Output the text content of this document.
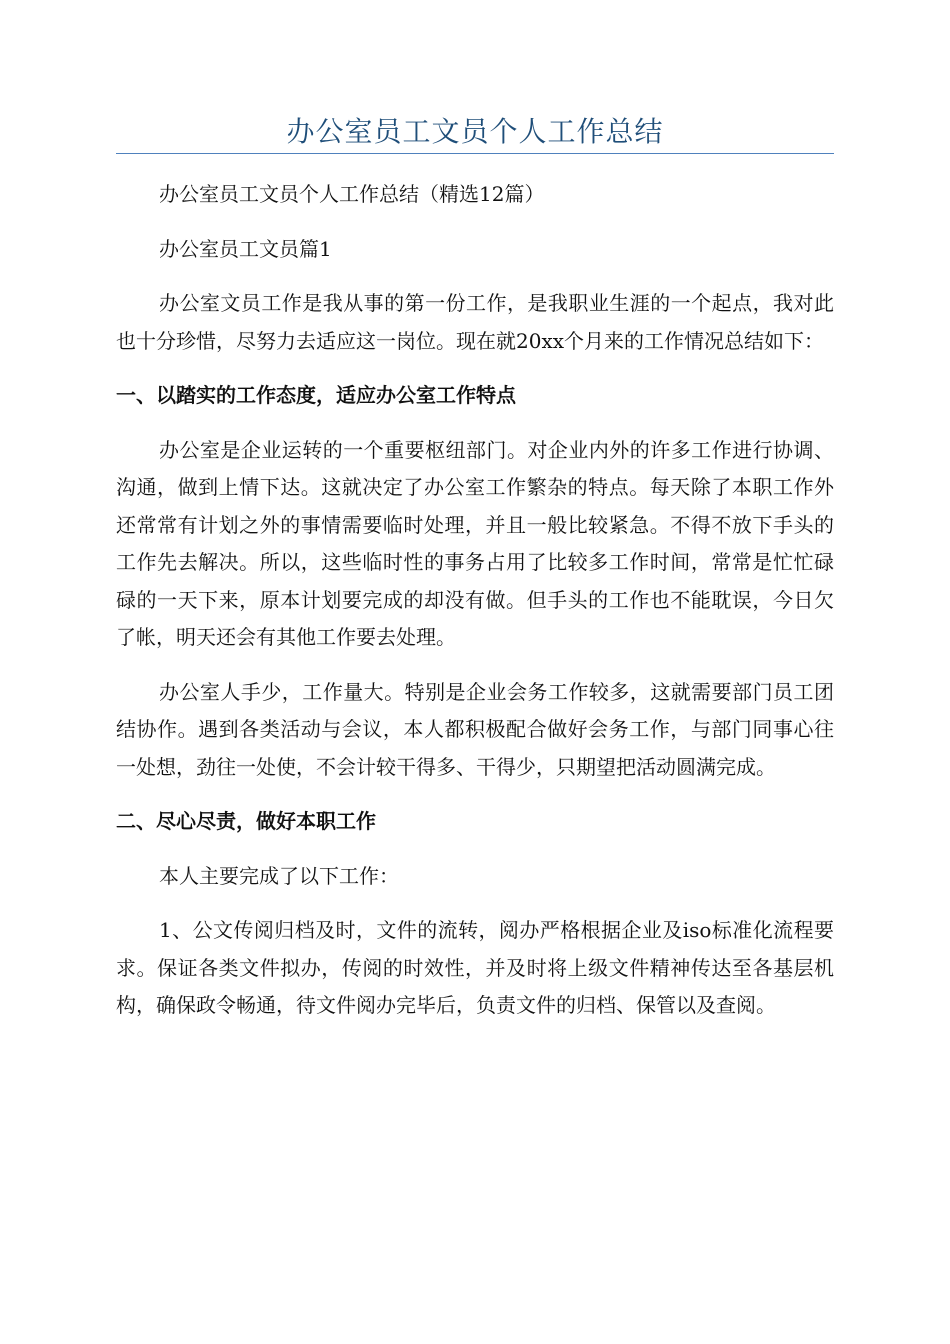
办公室员工文员个人工作总结

办公室员工文员个人工作总结（精选12篇）

办公室员工文员篇1

办公室文员工作是我从事的第一份工作，是我职业生涯的一个起点，我对此也十分珍惜，尽努力去适应这一岗位。现在就20xx个月来的工作情况总结如下：

一、以踏实的工作态度，适应办公室工作特点

办公室是企业运转的一个重要枢纽部门。对企业内外的许多工作进行协调、沟通，做到上情下达。这就决定了办公室工作繁杂的特点。每天除了本职工作外还常常有计划之外的事情需要临时处理，并且一般比较紧急。不得不放下手头的工作先去解决。所以，这些临时性的事务占用了比较多工作时间，常常是忙忙碌碌的一天下来，原本计划要完成的却没有做。但手头的工作也不能耽误，今日欠了帐，明天还会有其他工作要去处理。

办公室人手少，工作量大。特别是企业会务工作较多，这就需要部门员工团结协作。遇到各类活动与会议，本人都积极配合做好会务工作，与部门同事心往一处想，劲往一处使，不会计较干得多、干得少，只期望把活动圆满完成。

二、尽心尽责，做好本职工作

本人主要完成了以下工作：

1、公文传阅归档及时，文件的流转，阅办严格根据企业及iso标准化流程要求。保证各类文件拟办，传阅的时效性，并及时将上级文件精神传达至各基层机构，确保政令畅通，待文件阅办完毕后，负责文件的归档、保管以及查阅。
